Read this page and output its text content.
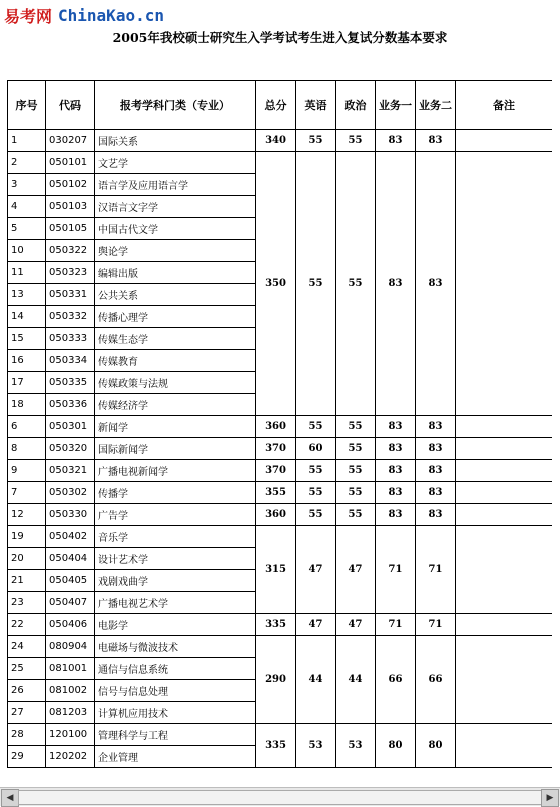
易考网 ChinaKao.cn
2005年我校硕士研究生入学考试考生进入复试分数基本要求
序号	代码	报考学科门类（专业）	总分	英语	政治	业务一	业务二	备注
1	030207	国际关系	340	55	55	83	83	
2	050101	文艺学	350	55	55	83	83	
3	050102	语言学及应用语言学						
4	050103	汉语言文字学						
5	050105	中国古代文学						
10	050322	舆论学						
11	050323	编辑出版						
13	050331	公共关系						
14	050332	传播心理学						
15	050333	传媒生态学						
16	050334	传媒教育						
17	050335	传媒政策与法规						
18	050336	传媒经济学						
6	050301	新闻学	360	55	55	83	83	
8	050320	国际新闻学	370	60	55	83	83	
9	050321	广播电视新闻学	370	55	55	83	83	
7	050302	传播学	355	55	55	83	83	
12	050330	广告学	360	55	55	83	83	
19	050402	音乐学	315	47	47	71	71	
20	050404	设计艺术学						
21	050405	戏剧戏曲学						
23	050407	广播电视艺术学						
22	050406	电影学	335	47	47	71	71	
24	080904	电磁场与微波技术	290	44	44	66	66	
25	081001	通信与信息系统						
26	081002	信号与信息处理						
27	081203	计算机应用技术						
28	120100	管理科学与工程	335	53	53	80	80	
29	120202	企业管理						
◀	▶
